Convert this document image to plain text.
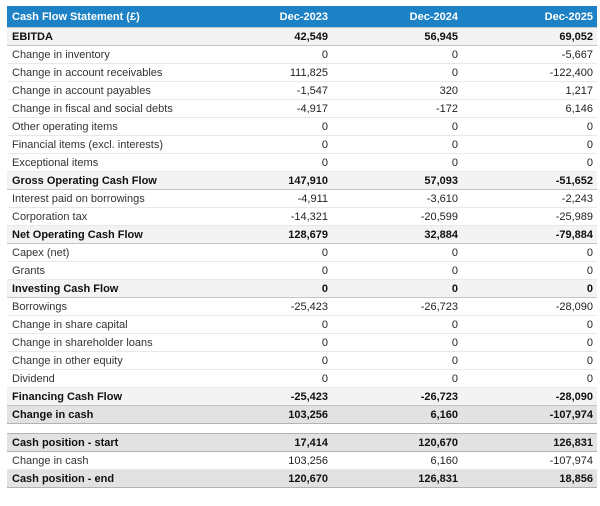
Cash Flow Statement (£)	Dec-2023	Dec-2024	Dec-2025
EBITDA	42,549	56,945	69,052
Change in inventory	0	0	-5,667
Change in account receivables	111,825	0	-122,400
Change in account payables	-1,547	320	1,217
Change in fiscal and social debts	-4,917	-172	6,146
Other operating items	0	0	0
Financial items (excl. interests)	0	0	0
Exceptional items	0	0	0
Gross Operating Cash Flow	147,910	57,093	-51,652
Interest paid on borrowings	-4,911	-3,610	-2,243
Corporation tax	-14,321	-20,599	-25,989
Net Operating Cash Flow	128,679	32,884	-79,884
Capex (net)	0	0	0
Grants	0	0	0
Investing Cash Flow	0	0	0
Borrowings	-25,423	-26,723	-28,090
Change in share capital	0	0	0
Change in shareholder loans	0	0	0
Change in other equity	0	0	0
Dividend	0	0	0
Financing Cash Flow	-25,423	-26,723	-28,090
Change in cash	103,256	6,160	-107,974

Cash position - start	17,414	120,670	126,831
Change in cash	103,256	6,160	-107,974
Cash position - end	120,670	126,831	18,856
